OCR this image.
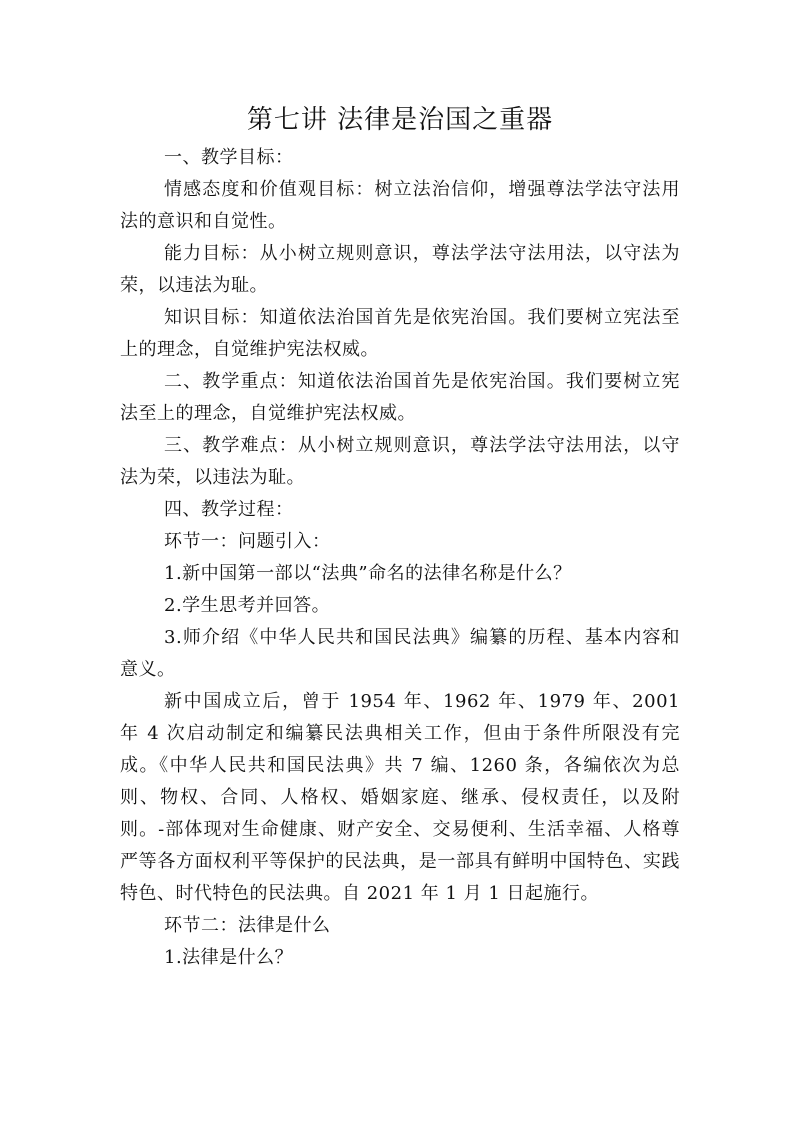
第七讲 法律是治国之重器

一、教学目标：

情感态度和价值观目标：树立法治信仰，增强尊法学法守法用法的意识和自觉性。

能力目标：从小树立规则意识，尊法学法守法用法，以守法为荣，以违法为耻。

知识目标：知道依法治国首先是依宪治国。我们要树立宪法至上的理念，自觉维护宪法权威。

二、教学重点：知道依法治国首先是依宪治国。我们要树立宪法至上的理念，自觉维护宪法权威。

三、教学难点：从小树立规则意识，尊法学法守法用法，以守法为荣，以违法为耻。

四、教学过程：

环节一：问题引入：

1.新中国第一部以“法典”命名的法律名称是什么？

2.学生思考并回答。

3.师介绍《中华人民共和国民法典》编纂的历程、基本内容和意义。

新中国成立后，曾于 1954 年、1962 年、1979 年、2001 年 4 次启动制定和编纂民法典相关工作，但由于条件所限没有完成。《中华人民共和国民法典》共 7 编、1260 条，各编依次为总则、物权、合同、人格权、婚姻家庭、继承、侵权责任，以及附则。-部体现对生命健康、财产安全、交易便利、生活幸福、人格尊严等各方面权利平等保护的民法典，是一部具有鲜明中国特色、实践特色、时代特色的民法典。自 2021 年 1 月 1 日起施行。

环节二：法律是什么

1.法律是什么？
